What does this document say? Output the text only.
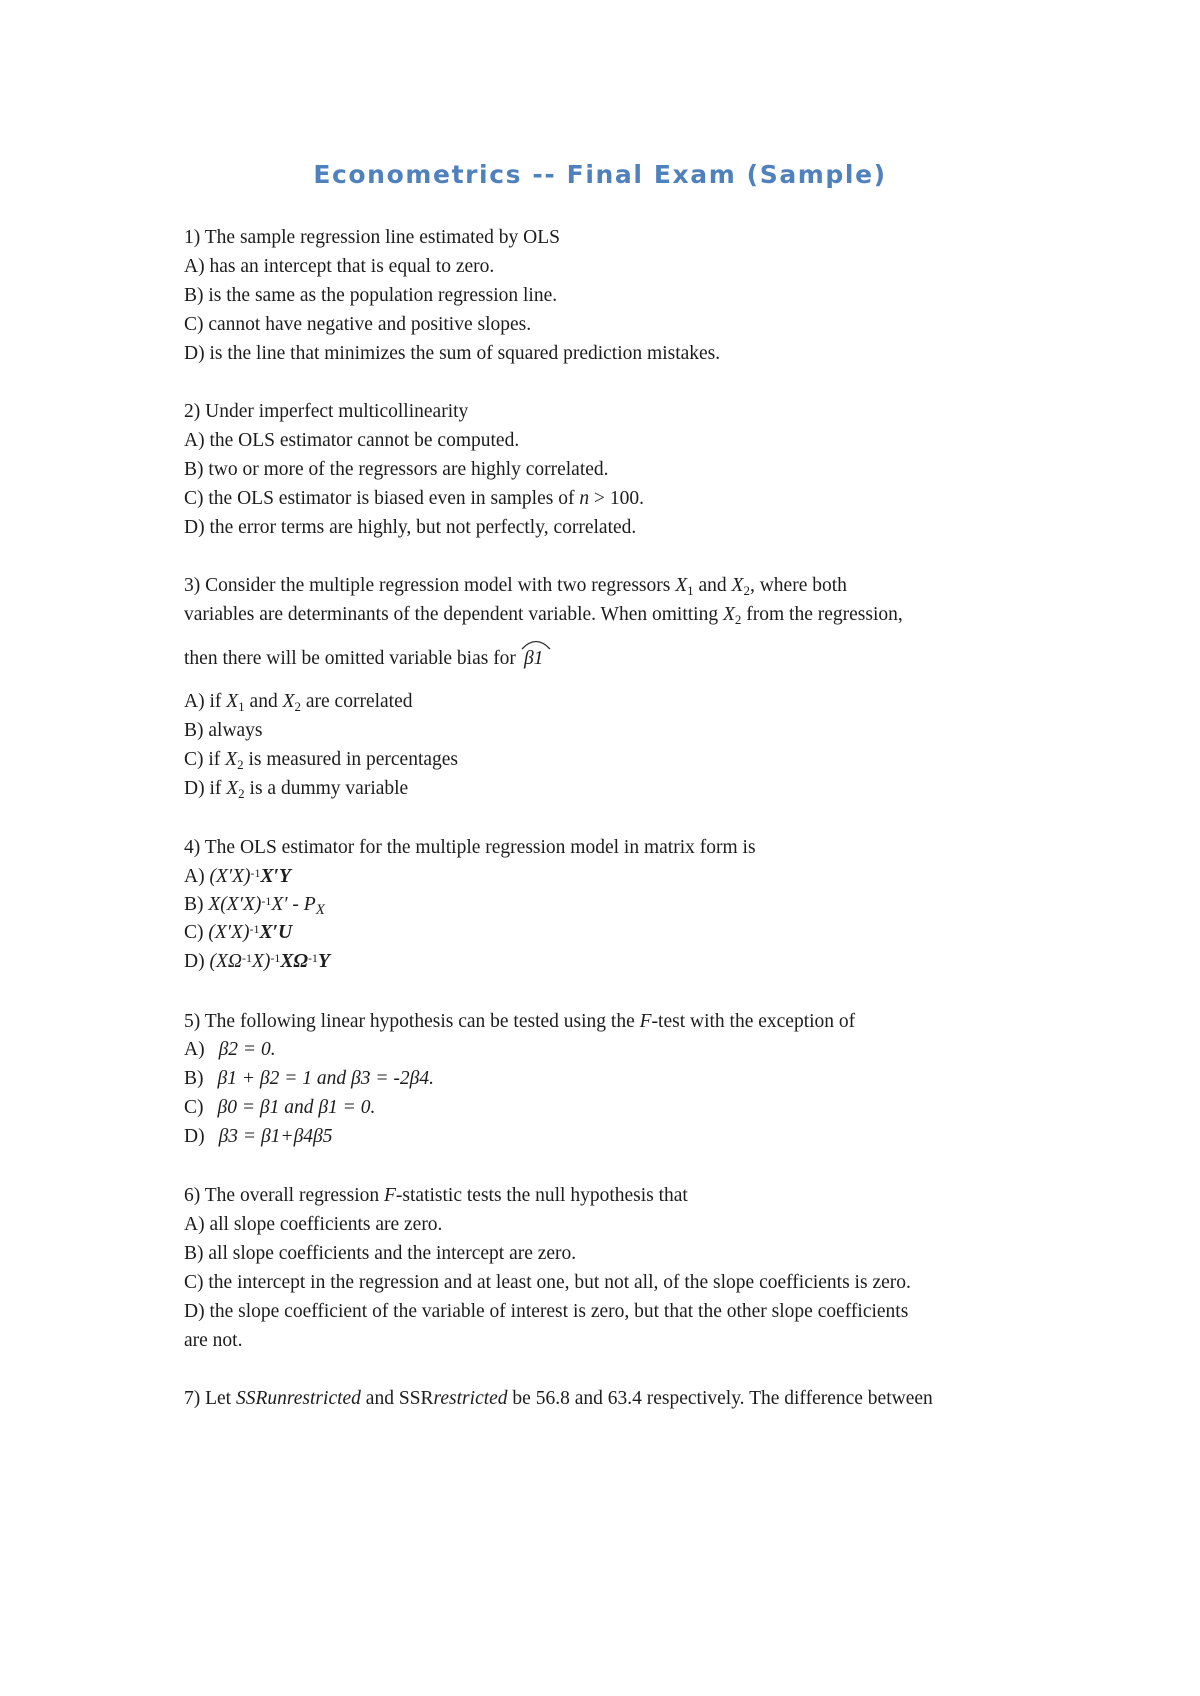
Econometrics -- Final Exam (Sample)
1) The sample regression line estimated by OLS
A) has an intercept that is equal to zero.
B) is the same as the population regression line.
C) cannot have negative and positive slopes.
D) is the line that minimizes the sum of squared prediction mistakes.
2) Under imperfect multicollinearity
A) the OLS estimator cannot be computed.
B) two or more of the regressors are highly correlated.
C) the OLS estimator is biased even in samples of n > 100.
D) the error terms are highly, but not perfectly, correlated.
3) Consider the multiple regression model with two regressors $X_1$ and $X_2$, where both
variables are determinants of the dependent variable. When omitting $X_2$ from the regression,
then there will be omitted variable bias for β1
A) if $X_1$ and $X_2$ are correlated
B) always
C) if $X_2$ is measured in percentages
D) if $X_2$ is a dummy variable
4) The OLS estimator for the multiple regression model in matrix form is
A) $(X'X)^{-1}X'Y$
B) $X(X'X)^{-1}X' - P_X$
C) $(X'X)^{-1}X'U$
D) $(X\Omega^{-1}X)^{-1}X\Omega^{-1}Y$
5) The following linear hypothesis can be tested using the F-test with the exception of
A) β2 = 0.
B) β1 + β2 = 1 and β3 = -2β4.
C) β0 = β1 and β1 = 0.
D) β3 = β1+β4β5
6) The overall regression F-statistic tests the null hypothesis that
A) all slope coefficients are zero.
B) all slope coefficients and the intercept are zero.
C) the intercept in the regression and at least one, but not all, of the slope coefficients is zero.
D) the slope coefficient of the variable of interest is zero, but that the other slope coefficients
are not.
7) Let SSRunrestricted and SSRrestricted be 56.8 and 63.4 respectively. The difference between
